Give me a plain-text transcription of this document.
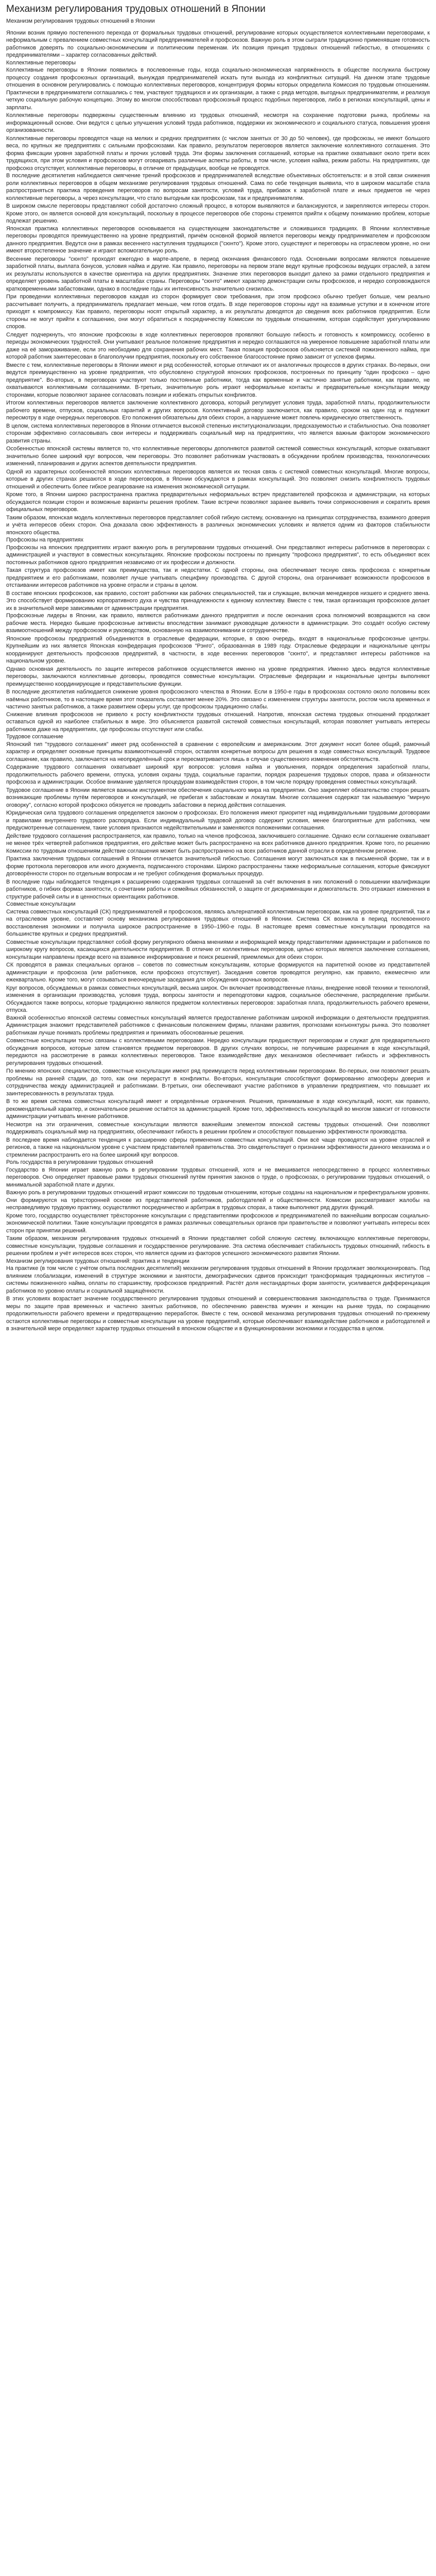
Механизм регулирования трудовых отношений в Японии
Механизм регулирования трудовых отношений в Японии

Японии возник прямую постепенного перехода от формальных трудовых отношений, регулирование которых осуществляется коллективными переговорами, к неформальным с превалением совместных консультаций предпринимателей и профсоюзов. Важную роль в этом сыграли традиционно применявшие готовность работников доверять по социально-экономическим и политическим переменам. Их позиция принцип трудовых отношений гибкостью, в отношениях с предпринимателями – характер согласованных действий.

Коллективные переговоры

Коллективные переговоры в Японии появились в послевоенные годы, когда социально-экономическая напряжённость в обществе послужила быстрому процессу создания профсоюзных организаций, вынуждая предпринимателей искать пути выхода из конфликтных ситуаций. На данном этапе трудовые отношения в основном регулировались с помощью коллективных переговоров, концентрируя формы которых определила Комиссия по трудовым отношениям. Практически в предприниматели соглашались с тем, участвуют трудящихся и их организации, а также с ряда методов, выгодных предпринимателям, и реализуя четкую социальную рабочую концепцию. Этому во многом способствовал профсоюзный процесс подобных переговоров, либо в регионах консультаций, цены и зарплаты.

Коллективные переговоры подвержены существенным влиянию из трудовых отношений, несмотря на сохранение подготовки рынка, проблемы на информационный основе. Они ведутся с целью улучшения условий труда работников, поддержки их экономического и социального статуса, повышения уровня организованности.

Коллективные переговоры проводятся чаще на мелких и средних предприятиях (с числом занятых от 30 до 50 человек), где профсоюзы, не имеют большого веса, по крупных же предприятиях с сильными профсоюзами. Как правило, результатом переговоров является заключение коллективного соглашения. Это форма фиксации уровня заработной платы и прочих условий труда. Эти формы заключения соглашений, которые на практике охватывают около трети всех трудящихся, при этом условия и профсоюзов могут оговаривать различные аспекты работы, в том числе, условия найма, режим работы. На предприятиях, где профсоюз отсутствует, коллективные переговоры, в отличие от предыдущих, вообще не проводятся.

В последние десятилетия наблюдается смягчение трений профсоюзов и предпринимателей вследствие объективных обстоятельств: и в этой связи снижения роли коллективных переговоров в общем механизме регулирования трудовых отношений. Сама по себе тенденция выявила, что в широком масштабе стала распространяться практика проведения переговоров по вопросам занятости, условий труда, прибавок к заработной плате и иных предметов не через коллективные переговоры, а через консультации, что стало выгодным как профсоюзам, так и предпринимателям.

В широком смысле переговоры представляют собой достаточно сложный процесс, в котором выявляются и балансируются, и закрепляются интересы сторон. Кроме этого, он является основой для консультаций, поскольку в процессе переговоров обе стороны стремятся прийти к общему пониманию проблем, которые подлежат решению.

Японская практика коллективных переговоров основывается на существующем законодательстве и сложившихся традициях. В Японии коллективные переговоры проводятся преимущественно на уровне предприятий, причём основной формой является переговоры между предпринимателем и профсоюзом данного предприятия. Ведутся они в рамках весеннего наступления трудящихся ("сюнто"). Кроме этого, существуют и переговоры на отраслевом уровне, но они имеют второстепенное значение и играют вспомогательную роль.

Весенние переговоры "сюнто" проходят ежегодно в марте-апреле, в период окончания финансового года. Основными вопросами являются повышение заработной платы, выплата бонусов, условия найма и другие. Как правило, переговоры на первом этапе ведут крупные профсоюзы ведущих отраслей, а затем их результаты используются в качестве ориентира на других предприятиях. Значение этих переговоров выходит далеко за рамки отдельного предприятия и определяет уровень заработной платы в масштабах страны. Переговоры "сюнто" имеют характер демонстрации силы профсоюзов, и нередко сопровождаются кратковременными забастовками, однако в последние годы их интенсивность значительно снизилась.

При проведении коллективных переговоров каждая из сторон формирует свои требования, при этом профсоюз обычно требует больше, чем реально рассчитывает получить, а предприниматель предлагает меньше, чем готов отдать. В ходе переговоров стороны идут на взаимные уступки и в конечном итоге приходят к компромиссу. Как правило, переговоры носят открытый характер, а их результаты доводятся до сведения всех работников предприятия. Если стороны не могут прийти к соглашению, они могут обратиться к посредничеству Комиссии по трудовым отношениям, которая содействует урегулированию споров.

Следует подчеркнуть, что японские профсоюзы в ходе коллективных переговоров проявляют большую гибкость и готовность к компромиссу, особенно в периоды экономических трудностей. Они учитывают реальное положение предприятия и нередко соглашаются на умеренное повышение заработной платы или даже на её замораживание, если это необходимо для сохранения рабочих мест. Такая позиция профсоюзов объясняется системой пожизненного найма, при которой работник заинтересован в благополучии предприятия, поскольку его собственное благосостояние прямо зависит от успехов фирмы.

Вместе с тем, коллективные переговоры в Японии имеют и ряд особенностей, которые отличают их от аналогичных процессов в других странах. Во-первых, они ведутся преимущественно на уровне предприятия, что обусловлено структурой японских профсоюзов, построенных по принципу "один профсоюз – одно предприятие". Во-вторых, в переговорах участвуют только постоянные работники, тогда как временные и частично занятые работники, как правило, не охватываются коллективными соглашениями. В-третьих, значительную роль играют неформальные контакты и предварительные консультации между сторонами, которые позволяют заранее согласовать позиции и избежать открытых конфликтов.

Итогом коллективных переговоров является заключение коллективного договора, который регулирует условия труда, заработной платы, продолжительности рабочего времени, отпусков, социальных гарантий и других вопросов. Коллективный договор заключается, как правило, сроком на один год и подлежит пересмотру в ходе очередных переговоров. Его положения обязательны для обеих сторон, а нарушение может повлечь юридическую ответственность.

В целом, система коллективных переговоров в Японии отличается высокой степенью институционализации, предсказуемостью и стабильностью. Она позволяет сторонам эффективно согласовывать свои интересы и поддерживать социальный мир на предприятиях, что является важным фактором экономического развития страны.

Особенностью японской системы является то, что коллективные переговоры дополняются развитой системой совместных консультаций, которые охватывают значительно более широкий круг вопросов, чем переговоры. Это позволяет работникам участвовать в обсуждении проблем производства, технологических изменений, планирования и других аспектов деятельности предприятия.

Одной из характерных особенностей японских коллективных переговоров является их тесная связь с системой совместных консультаций. Многие вопросы, которые в других странах решаются в ходе переговоров, в Японии обсуждаются в рамках консультаций. Это позволяет снизить конфликтность трудовых отношений и обеспечить более гибкое реагирование на изменения экономической ситуации.

Кроме того, в Японии широко распространена практика предварительных неформальных встреч представителей профсоюза и администрации, на которых обсуждаются позиции сторон и возможные варианты решения проблем. Такие встречи позволяют заранее выявить точки соприкосновения и сократить время официальных переговоров.

Таким образом, японская модель коллективных переговоров представляет собой гибкую систему, основанную на принципах сотрудничества, взаимного доверия и учёта интересов обеих сторон. Она доказала свою эффективность в различных экономических условиях и является одним из факторов стабильности японского общества.

Профсоюзы на предприятиях

Профсоюзы на японских предприятиях играют важную роль в регулировании трудовых отношений. Они представляют интересы работников в переговорах с администрацией и участвуют в совместных консультациях. Японские профсоюзы построены по принципу "профсоюз предприятия", то есть объединяют всех постоянных работников одного предприятия независимо от их профессии и должности.

Такая структура профсоюзов имеет как преимущества, так и недостатки. С одной стороны, она обеспечивает тесную связь профсоюза с конкретным предприятием и его работниками, позволяет лучше учитывать специфику производства. С другой стороны, она ограничивает возможности профсоюзов в отстаивании интересов работников на уровне отрасли и страны в целом.

В составе японских профсоюзов, как правило, состоят работники как рабочих специальностей, так и служащие, включая менеджеров низшего и среднего звена. Это способствует формированию корпоративного духа и чувства принадлежности к единому коллективу. Вместе с тем, такая организация профсоюзов делает их в значительной мере зависимыми от администрации предприятия.

Профсоюзные лидеры в Японии, как правило, являются работниками данного предприятия и после окончания срока полномочий возвращаются на свои рабочие места. Нередко бывшие профсоюзные активисты впоследствии занимают руководящие должности в администрации. Это создаёт особую систему взаимоотношений между профсоюзом и руководством, основанную на взаимопонимании и сотрудничестве.

Японские профсоюзы предприятий объединяются в отраслевые федерации, которые, в свою очередь, входят в национальные профсоюзные центры. Крупнейшим из них является Японская конфедерация профсоюзов "Рэнго", образованная в 1989 году. Отраслевые федерации и национальные центры координируют деятельность профсоюзов предприятий, в частности, в ходе весенних переговоров "сюнто", и представляют интересы работников на национальном уровне.

Однако основная деятельность по защите интересов работников осуществляется именно на уровне предприятия. Именно здесь ведутся коллективные переговоры, заключаются коллективные договоры, проводятся совместные консультации. Отраслевые федерации и национальные центры выполняют преимущественно координирующие и представительские функции.

В последние десятилетия наблюдается снижение уровня профсоюзного членства в Японии. Если в 1950-е годы в профсоюзах состояло около половины всех наёмных работников, то в настоящее время этот показатель составляет менее 20%. Это связано с изменением структуры занятости, ростом числа временных и частично занятых работников, а также развитием сферы услуг, где профсоюзы традиционно слабы.

Снижение влияния профсоюзов не привело к росту конфликтности трудовых отношений. Напротив, японская система трудовых отношений продолжает оставаться одной из наиболее стабильных в мире. Это объясняется развитой системой совместных консультаций, которая позволяет учитывать интересы работников даже на предприятиях, где профсоюзы отсутствуют или слабы.

Трудовое соглашение

Японский тип "трудового соглашения" имеет ряд особенностей в сравнении с европейским и американским. Этот документ носит более общий, рамочный характер и определяет основные принципы взаимоотношений сторон, оставляя конкретные вопросы для решения в ходе совместных консультаций. Трудовое соглашение, как правило, заключается на неопределённый срок и пересматривается лишь в случае существенного изменения обстоятельств.

Содержание трудового соглашения охватывает широкий круг вопросов: условия найма и увольнения, порядок определения заработной платы, продолжительность рабочего времени, отпуска, условия охраны труда, социальные гарантии, порядок разрешения трудовых споров, права и обязанности профсоюза и администрации. Особое внимание уделяется процедурам взаимодействия сторон, в том числе порядку проведения совместных консультаций.

Трудовое соглашение в Японии является важным инструментом обеспечения социального мира на предприятии. Оно закрепляет обязательство сторон решать возникающие проблемы путём переговоров и консультаций, не прибегая к забастовкам и локаутам. Многие соглашения содержат так называемую "мирную оговорку", согласно которой профсоюз обязуется не проводить забастовки в период действия соглашения.

Юридическая сила трудового соглашения определяется законом о профсоюзах. Его положения имеют приоритет над индивидуальными трудовыми договорами и правилами внутреннего трудового распорядка. Если индивидуальный трудовой договор содержит условия, менее благоприятные для работника, чем предусмотренные соглашением, такие условия признаются недействительными и заменяются положениями соглашения.

Действие трудового соглашения распространяется, как правило, только на членов профсоюза, заключившего соглашение. Однако если соглашение охватывает не менее трёх четвертей работников предприятия, его действие может быть распространено на всех работников данного предприятия. Кроме того, по решению Комиссии по трудовым отношениям действие соглашения может быть распространено на всех работников данной отрасли в определённом регионе.

Практика заключения трудовых соглашений в Японии отличается значительной гибкостью. Соглашения могут заключаться как в письменной форме, так и в форме протокола переговоров или иного документа, подписанного сторонами. Широко распространены также неформальные соглашения, которые фиксируют договорённости сторон по отдельным вопросам и не требуют соблюдения формальных процедур.

В последние годы наблюдается тенденция к расширению содержания трудовых соглашений за счёт включения в них положений о повышении квалификации работников, о гибких формах занятости, о сочетании работы и семейных обязанностей, о защите от дискриминации и домогательств. Это отражает изменения в структуре рабочей силы и в ценностных ориентациях работников.

Совместные консультации

Система совместных консультаций (СК) предпринимателей и профсоюзов, являясь альтернативой коллективным переговорам, как на уровне предприятий, так и на отраслевом уровне, составляет основу механизма регулирования трудовых отношений в Японии. Система СК возникла в период послевоенного восстановления экономики и получила широкое распространение в 1950–1960-е годы. В настоящее время совместные консультации проводятся на большинстве крупных и средних предприятий.

Совместные консультации представляют собой форму регулярного обмена мнениями и информацией между представителями администрации и работников по широкому кругу вопросов, касающихся деятельности предприятия. В отличие от коллективных переговоров, целью которых является заключение соглашения, консультации направлены прежде всего на взаимное информирование и поиск решений, приемлемых для обеих сторон.

СК проводятся в рамках специальных органов – советов по совместным консультациям, которые формируются на паритетной основе из представителей администрации и профсоюза (или работников, если профсоюз отсутствует). Заседания советов проводятся регулярно, как правило, ежемесячно или ежеквартально. Кроме того, могут созываться внеочередные заседания для обсуждения срочных вопросов.

Круг вопросов, обсуждаемых в рамках совместных консультаций, весьма широк. Он включает производственные планы, внедрение новой техники и технологий, изменения в организации производства, условия труда, вопросы занятости и переподготовки кадров, социальное обеспечение, распределение прибыли. Обсуждаются также вопросы, которые традиционно являются предметом коллективных переговоров: заработная плата, продолжительность рабочего времени, отпуска.

Важной особенностью японской системы совместных консультаций является предоставление работникам широкой информации о деятельности предприятия. Администрация знакомит представителей работников с финансовым положением фирмы, планами развития, прогнозами конъюнктуры рынка. Это позволяет работникам лучше понимать проблемы предприятия и принимать обоснованные решения.

Совместные консультации тесно связаны с коллективными переговорами. Нередко консультации предшествуют переговорам и служат для предварительного обсуждения вопросов, которые затем становятся предметом переговоров. В других случаях вопросы, не получившие разрешения в ходе консультаций, передаются на рассмотрение в рамках коллективных переговоров. Такое взаимодействие двух механизмов обеспечивает гибкость и эффективность регулирования трудовых отношений.

По мнению японских специалистов, совместные консультации имеют ряд преимуществ перед коллективными переговорами. Во-первых, они позволяют решать проблемы на ранней стадии, до того, как они перерастут в конфликты. Во-вторых, консультации способствуют формированию атмосферы доверия и сотрудничества между администрацией и работниками. В-третьих, они обеспечивают участие работников в управлении предприятием, что повышает их заинтересованность в результатах труда.

В то же время система совместных консультаций имеет и определённые ограничения. Решения, принимаемые в ходе консультаций, носят, как правило, рекомендательный характер, и окончательное решение остаётся за администрацией. Кроме того, эффективность консультаций во многом зависит от готовности администрации учитывать мнение работников.

Несмотря на эти ограничения, совместные консультации являются важнейшим элементом японской системы трудовых отношений. Они позволяют поддерживать социальный мир на предприятиях, обеспечивают гибкость в решении проблем и способствуют повышению эффективности производства.

В последнее время наблюдается тенденция к расширению сферы применения совместных консультаций. Они всё чаще проводятся на уровне отраслей и регионов, а также на национальном уровне с участием представителей правительства. Это свидетельствует о признании эффективности данного механизма и о стремлении распространить его на более широкий круг вопросов.

Роль государства в регулировании трудовых отношений

Государство в Японии играет важную роль в регулировании трудовых отношений, хотя и не вмешивается непосредственно в процесс коллективных переговоров. Оно определяет правовые рамки трудовых отношений путём принятия законов о труде, о профсоюзах, о регулировании трудовых отношений, о минимальной заработной плате и других.

Важную роль в регулировании трудовых отношений играют комиссии по трудовым отношениям, которые созданы на национальном и префектуральном уровнях. Они формируются на трёхсторонней основе из представителей работников, работодателей и общественности. Комиссии рассматривают жалобы на несправедливую трудовую практику, осуществляют посредничество и арбитраж в трудовых спорах, а также выполняют ряд других функций.

Кроме того, государство осуществляет трёхсторонние консультации с представителями профсоюзов и предпринимателей по важнейшим вопросам социально-экономической политики. Такие консультации проводятся в рамках различных совещательных органов при правительстве и позволяют учитывать интересы всех сторон при принятии решений.

Таким образом, механизм регулирования трудовых отношений в Японии представляет собой сложную систему, включающую коллективные переговоры, совместные консультации, трудовые соглашения и государственное регулирование. Эта система обеспечивает стабильность трудовых отношений, гибкость в решении проблем и учёт интересов всех сторон, что является одним из факторов успешного экономического развития Японии.

Механизм регулирования трудовых отношений: практика и тенденции

На практике (в том числе с учётом опыта последних десятилетий) механизм регулирования трудовых отношений в Японии продолжает эволюционировать. Под влиянием глобализации, изменений в структуре экономики и занятости, демографических сдвигов происходит трансформация традиционных институтов – системы пожизненного найма, оплаты по старшинству, профсоюзов предприятий. Растёт доля нестандартных форм занятости, усиливается дифференциация работников по уровню оплаты и социальной защищённости.

В этих условиях возрастает значение государственного регулирования трудовых отношений и совершенствования законодательства о труде. Принимаются меры по защите прав временных и частично занятых работников, по обеспечению равенства мужчин и женщин на рынке труда, по сокращению продолжительности рабочего времени и предотвращению переработок. Вместе с тем, основой механизма регулирования трудовых отношений по-прежнему остаются коллективные переговоры и совместные консультации на уровне предприятий, которые обеспечивают взаимодействие работников и работодателей и в значительной мере определяют характер трудовых отношений в японском обществе и в функционировании экономики и государства в целом.
